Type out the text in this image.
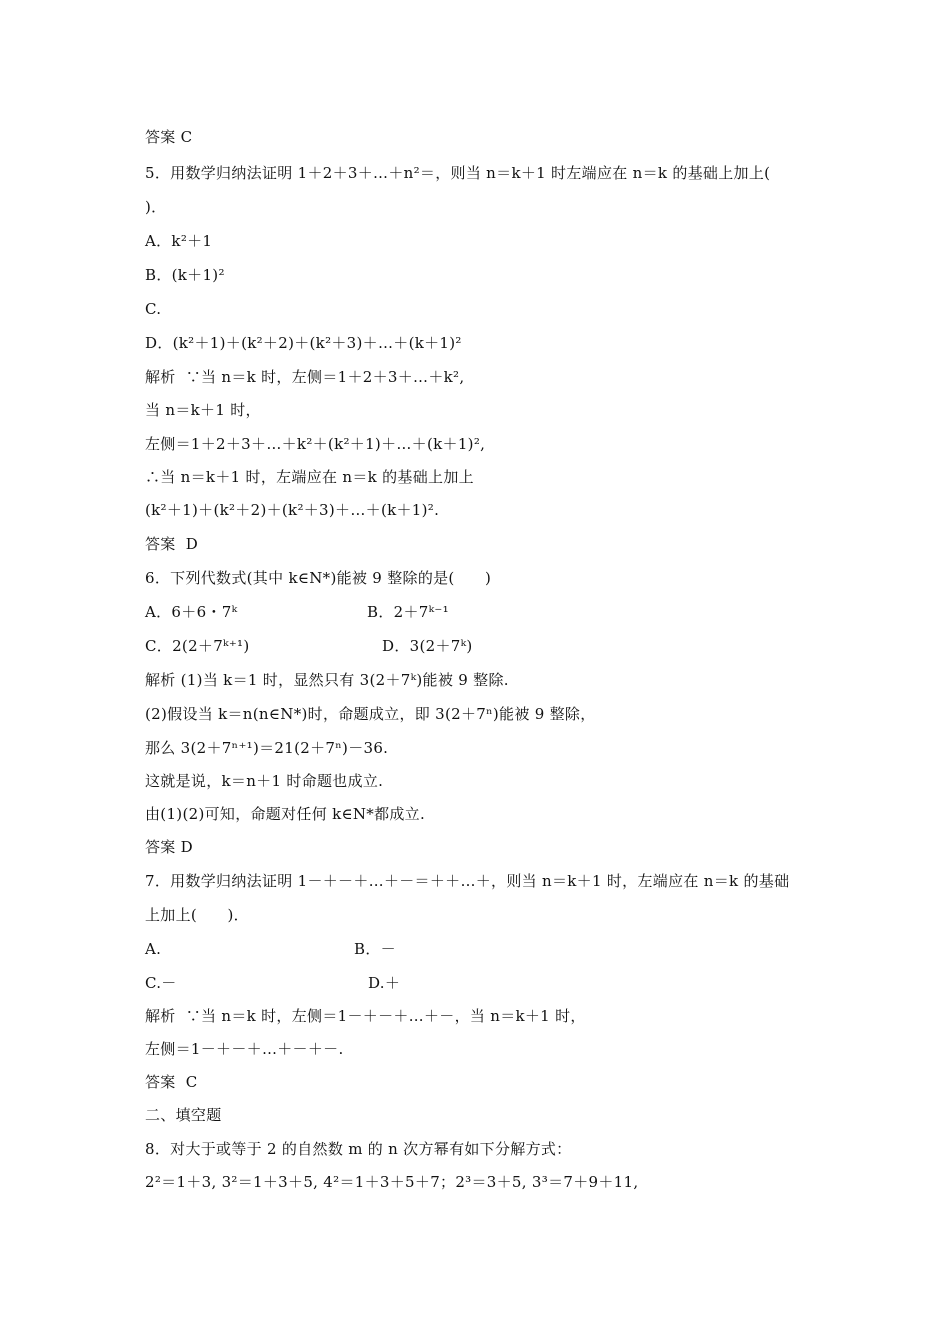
答案 C
5．用数学归纳法证明 1＋2＋3＋…＋n²＝，则当 n＝k＋1 时左端应在 n＝k 的基础上加上(
)．
A．k²＋1
B．(k＋1)²
C.
D．(k²＋1)＋(k²＋2)＋(k²＋3)＋…＋(k＋1)²
解析  ∵当 n＝k 时，左侧＝1＋2＋3＋…＋k²,
当 n＝k＋1 时，
左侧＝1＋2＋3＋…＋k²＋(k²＋1)＋…＋(k＋1)²,
∴当 n＝k＋1 时，左端应在 n＝k 的基础上加上
(k²＋1)＋(k²＋2)＋(k²＋3)＋…＋(k＋1)².
答案  D
6．下列代数式(其中 k∈N*)能被 9 整除的是(      )
A．6＋6・7ᵏ	B．2＋7ᵏ⁻¹
C．2(2＋7ᵏ⁺¹)	D．3(2＋7ᵏ)
解析 (1)当 k＝1 时，显然只有 3(2＋7ᵏ)能被 9 整除.
(2)假设当 k＝n(n∈N*)时，命题成立，即 3(2＋7ⁿ)能被 9 整除，
那么 3(2＋7ⁿ⁺¹)＝21(2＋7ⁿ)－36.
这就是说，k＝n＋1 时命题也成立.
由(1)(2)可知，命题对任何 k∈N*都成立.
答案 D
7．用数学归纳法证明 1－＋－＋…＋－＝＋＋…＋，则当 n＝k＋1 时，左端应在 n＝k 的基础
上加上(      )．
A.	B．－
C.－	D.＋
解析  ∵当 n＝k 时，左侧＝1－＋－＋…＋－，当 n＝k＋1 时，
左侧＝1－＋－＋…＋－＋－.
答案  C
二、填空题
8．对大于或等于 2 的自然数 m 的 n 次方幂有如下分解方式：
2²＝1＋3, 3²＝1＋3＋5, 4²＝1＋3＋5＋7；2³＝3＋5, 3³＝7＋9＋11,
